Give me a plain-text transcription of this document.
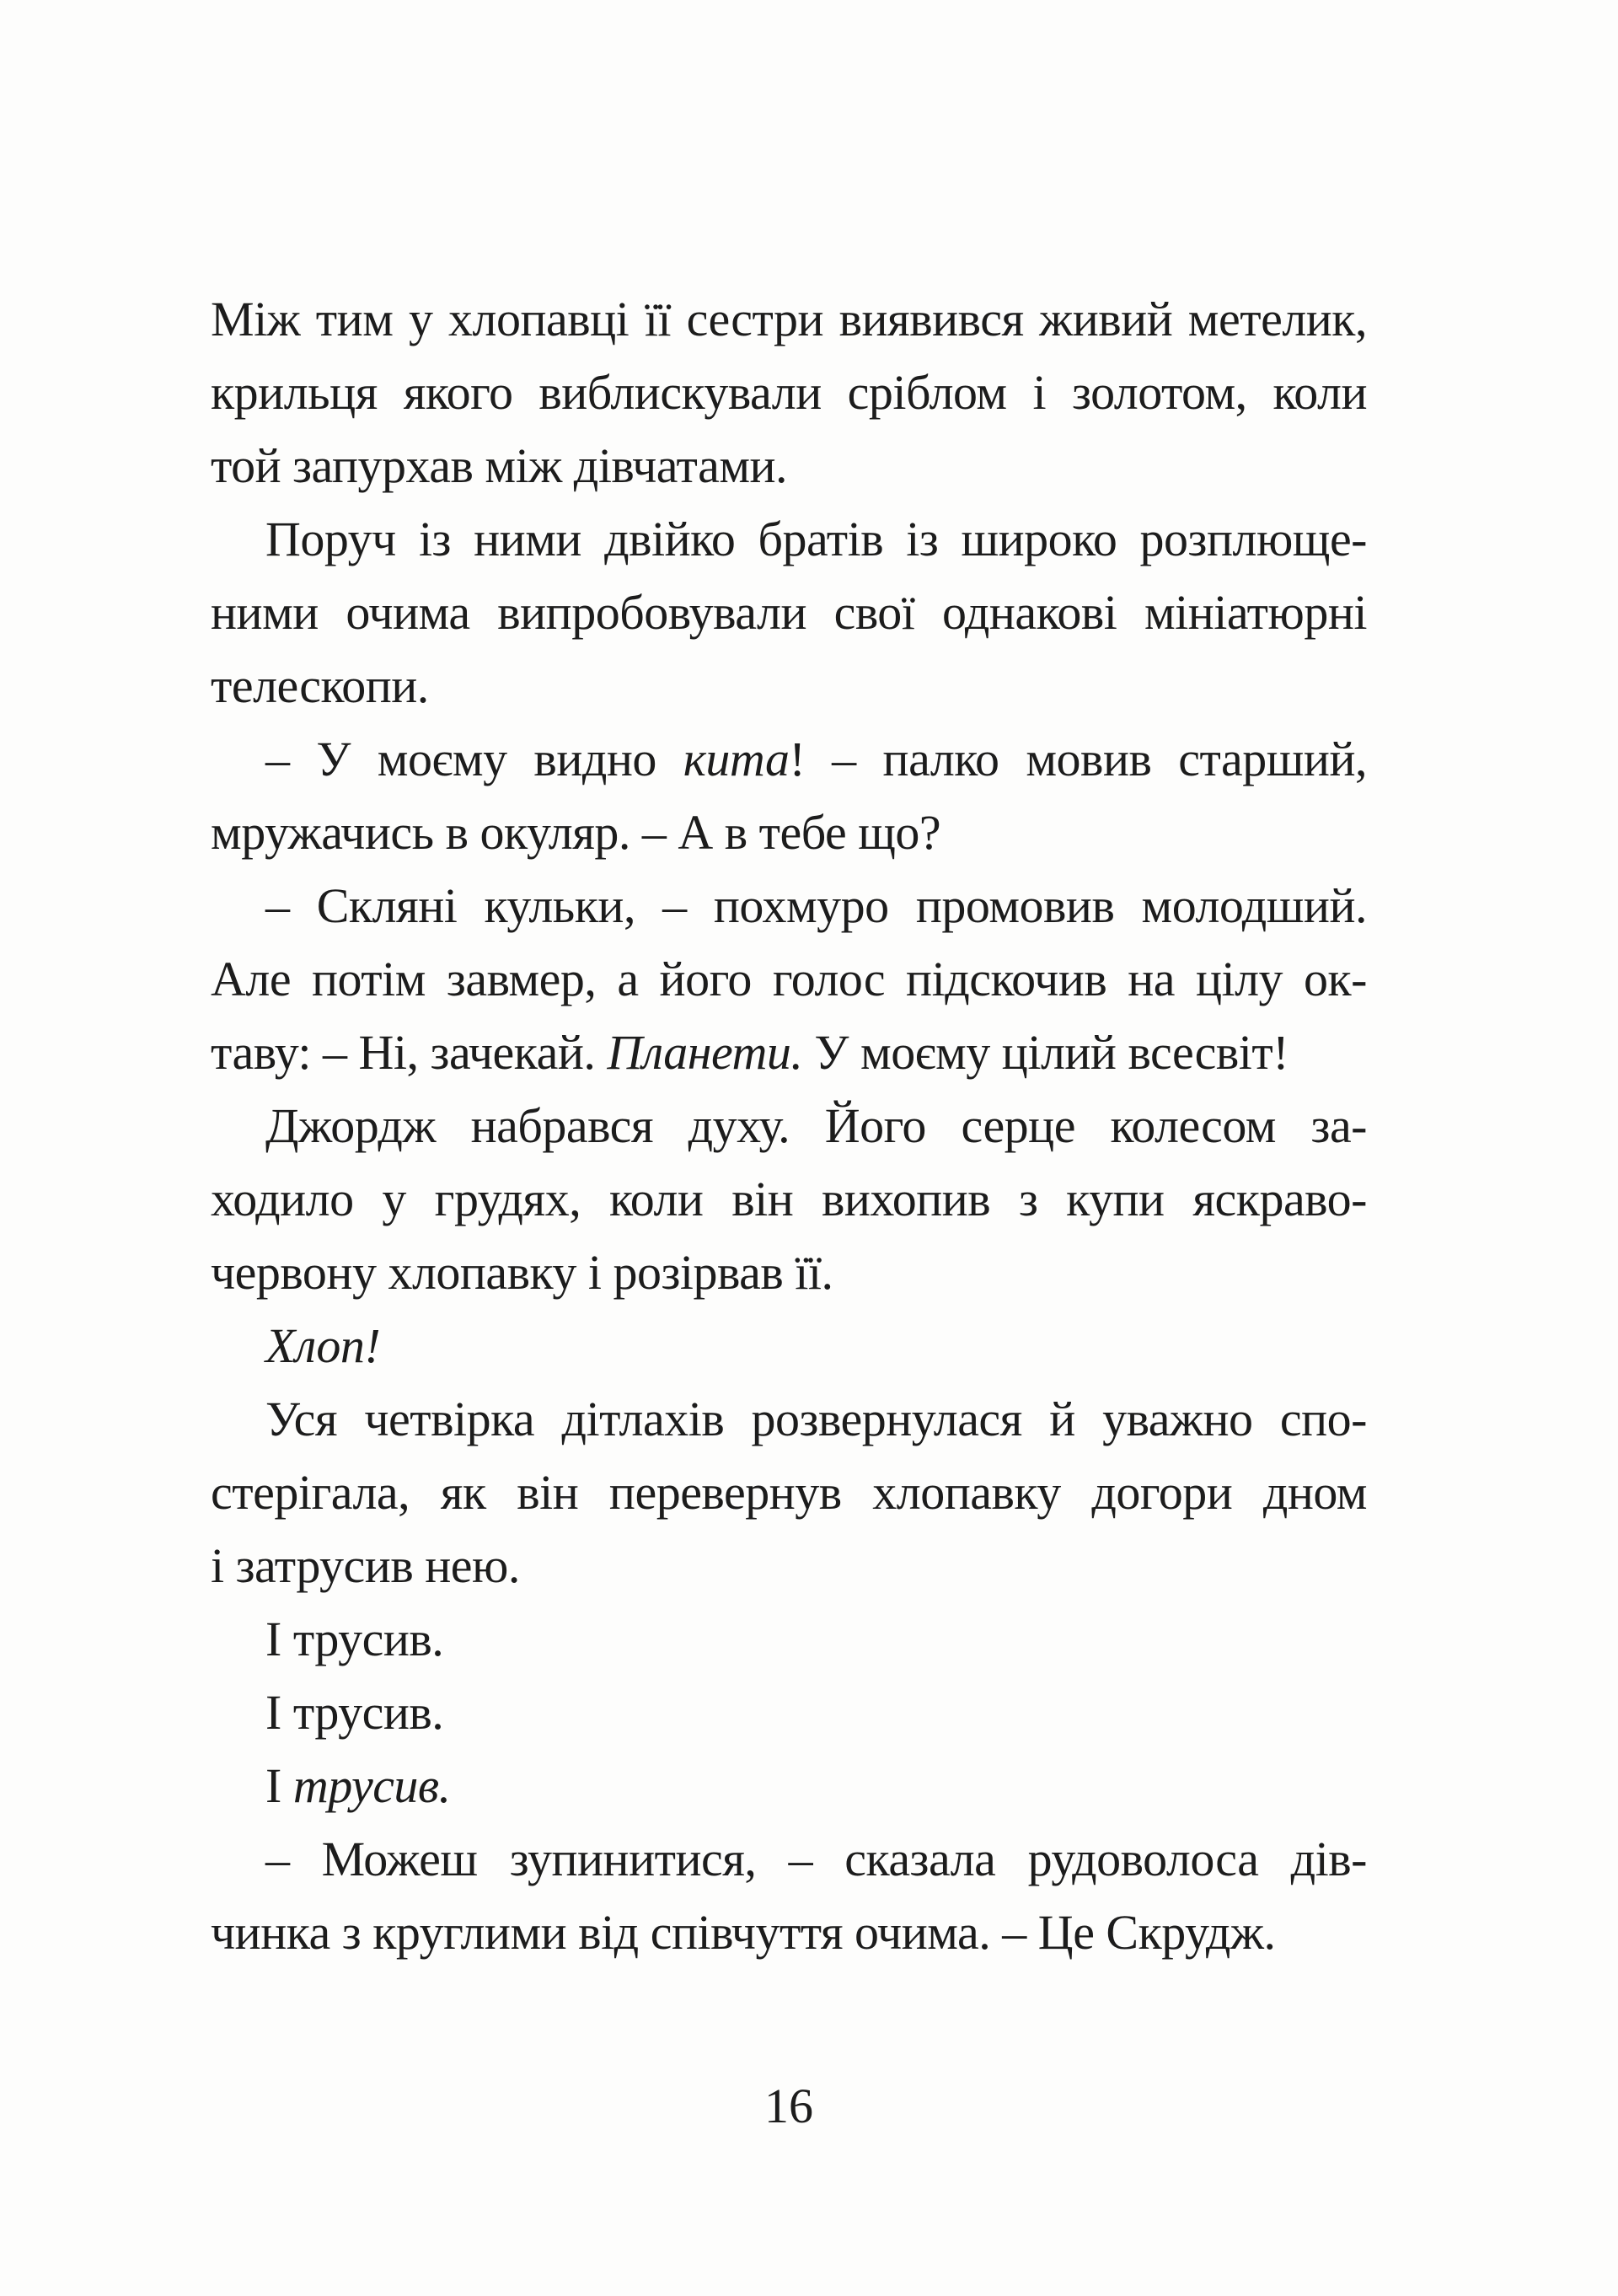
Між тим у хлопавці її сестри виявився живий метелик,
крильця якого виблискували сріблом і золотом, коли
той запурхав між дівчатами.
Поруч із ними двійко братів із широко розплюще-
ними очима випробовували свої однакові мініатюрні
телескопи.
– У моєму видно кита! – палко мовив старший,
мружачись в окуляр. – А в тебе що?
– Скляні кульки, – похмуро промовив молодший.
Але потім завмер, а його голос підскочив на цілу ок-
таву: – Ні, зачекай. Планети. У моєму цілий всесвіт!
Джордж набрався духу. Його серце колесом за-
ходило у грудях, коли він вихопив з купи яскраво-
червону хлопавку і розірвав її.
Хлоп!
Уся четвірка дітлахів розвернулася й уважно спо-
стерігала, як він перевернув хлопавку догори дном
і затрусив нею.
І трусив.
І трусив.
І трусив.
– Можеш зупинитися, – сказала рудоволоса дів-
чинка з круглими від співчуття очима. – Це Скрудж.
16
